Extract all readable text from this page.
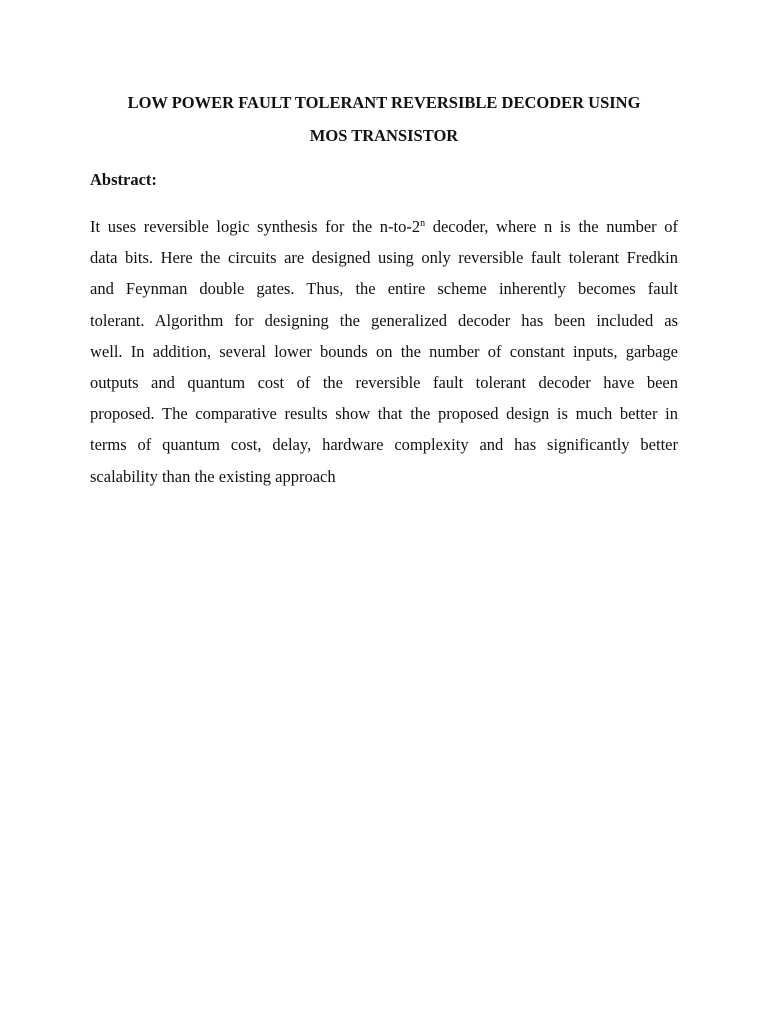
LOW POWER FAULT TOLERANT REVERSIBLE DECODER USING
MOS TRANSISTOR
Abstract:
It uses reversible logic synthesis for the n-to-2$^n$ decoder, where n is the number of
data bits. Here the circuits are designed using only reversible fault tolerant Fredkin
and Feynman double gates. Thus, the entire scheme inherently becomes fault
tolerant. Algorithm for designing the generalized decoder has been included as
well. In addition, several lower bounds on the number of constant inputs, garbage
outputs and quantum cost of the reversible fault tolerant decoder have been
proposed. The comparative results show that the proposed design is much better in
terms of quantum cost, delay, hardware complexity and has significantly better
scalability than the existing approach
